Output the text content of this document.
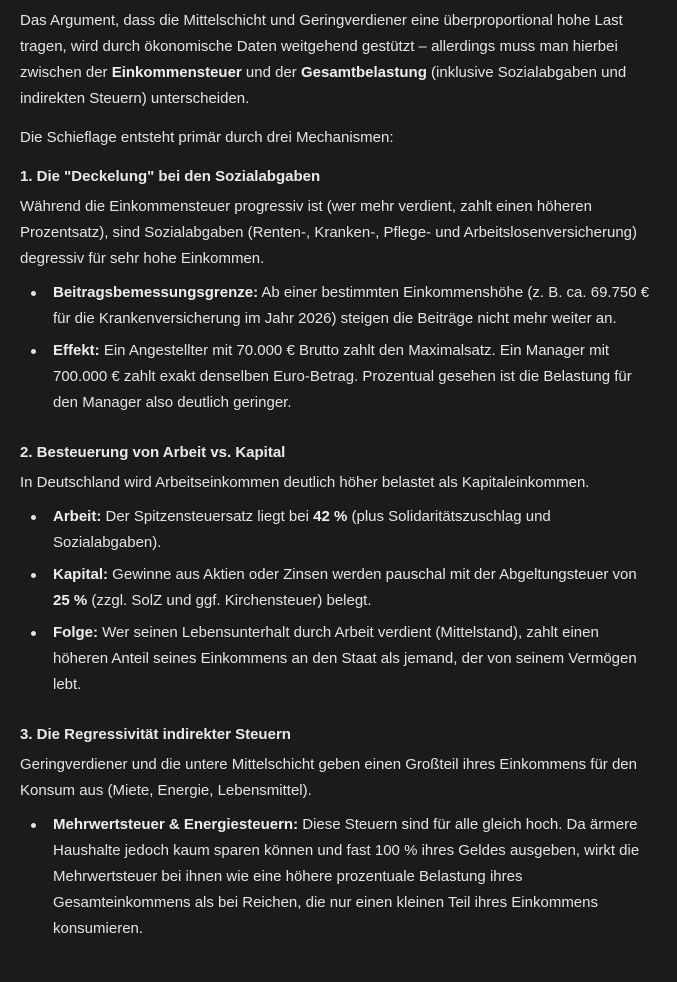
Das Argument, dass die Mittelschicht und Geringverdiener eine überproportional hohe Last tragen, wird durch ökonomische Daten weitgehend gestützt – allerdings muss man hierbei zwischen der Einkommensteuer und der Gesamtbelastung (inklusive Sozialabgaben und indirekten Steuern) unterscheiden.

Die Schieflage entsteht primär durch drei Mechanismen:

1. Die "Deckelung" bei den Sozialabgaben

Während die Einkommensteuer progressiv ist (wer mehr verdient, zahlt einen höheren Prozentsatz), sind Sozialabgaben (Renten-, Kranken-, Pflege- und Arbeitslosenversicherung) degressiv für sehr hohe Einkommen.

Beitragsbemessungsgrenze: Ab einer bestimmten Einkommenshöhe (z. B. ca. 69.750 € für die Krankenversicherung im Jahr 2026) steigen die Beiträge nicht mehr weiter an.
Effekt: Ein Angestellter mit 70.000 € Brutto zahlt den Maximalsatz. Ein Manager mit 700.000 € zahlt exakt denselben Euro-Betrag. Prozentual gesehen ist die Belastung für den Manager also deutlich geringer.
2. Besteuerung von Arbeit vs. Kapital

In Deutschland wird Arbeitseinkommen deutlich höher belastet als Kapitaleinkommen.

Arbeit: Der Spitzensteuersatz liegt bei 42 % (plus Solidaritätszuschlag und Sozialabgaben).
Kapital: Gewinne aus Aktien oder Zinsen werden pauschal mit der Abgeltungsteuer von 25 % (zzgl. SolZ und ggf. Kirchensteuer) belegt.
Folge: Wer seinen Lebensunterhalt durch Arbeit verdient (Mittelstand), zahlt einen höheren Anteil seines Einkommens an den Staat als jemand, der von seinem Vermögen lebt.
3. Die Regressivität indirekter Steuern

Geringverdiener und die untere Mittelschicht geben einen Großteil ihres Einkommens für den Konsum aus (Miete, Energie, Lebensmittel).

Mehrwertsteuer & Energiesteuern: Diese Steuern sind für alle gleich hoch. Da ärmere Haushalte jedoch kaum sparen können und fast 100 % ihres Geldes ausgeben, wirkt die Mehrwertsteuer bei ihnen wie eine höhere prozentuale Belastung ihres Gesamteinkommens als bei Reichen, die nur einen kleinen Teil ihres Einkommens konsumieren.
